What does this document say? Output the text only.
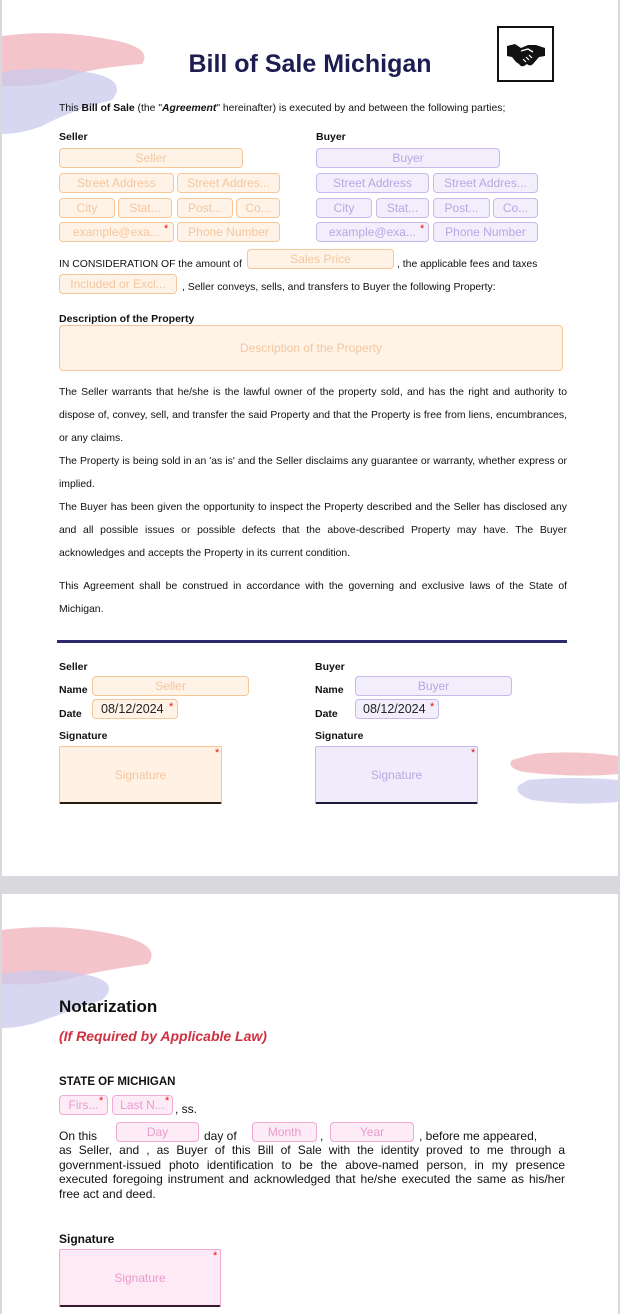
Bill of Sale Michigan
This Bill of Sale (the "Agreement" hereinafter) is executed by and between the following parties;
Seller
Seller
Street Address	Street Addres...
City	Stat...	Post...	Co...
example@exa... *	Phone Number
Buyer
Buyer
Street Address	Street Addres...
City	Stat...	Post...	Co...
example@exa... *	Phone Number
IN CONSIDERATION OF the amount of	Sales Price	, the applicable fees and taxes
Included or Excl...	, Seller conveys, sells, and transfers to Buyer the following Property:
Description of the Property
Description of the Property
The Seller warrants that he/she is the lawful owner of the property sold, and has the right and authority to dispose of, convey, sell, and transfer the said Property and that the Property is free from liens, encumbrances, or any claims.
The Property is being sold in an 'as is' and the Seller disclaims any guarantee or warranty, whether express or implied.
The Buyer has been given the opportunity to inspect the Property described and the Seller has disclosed any and all possible issues or possible defects that the above-described Property may have. The Buyer acknowledges and accepts the Property in its current condition.
This Agreement shall be construed in accordance with the governing and exclusive laws of the State of Michigan.
Seller
Name	Seller
Date	08/12/2024 *
Signature
Signature
*
Buyer
Name	Buyer
Date	08/12/2024 *
Signature
Signature
*
Notarization
(If Required by Applicable Law)
STATE OF MICHIGAN
Firs... *	Last N... *
, ss.
On this	Day	day of	Month	,	Year	, before me appeared,
as Seller, and , as Buyer of this Bill of Sale with the identity proved to me through a government-issued photo identification to be the above-named person, in my presence executed foregoing instrument and acknowledged that he/she executed the same as his/her free act and deed.
Signature
Signature
*
